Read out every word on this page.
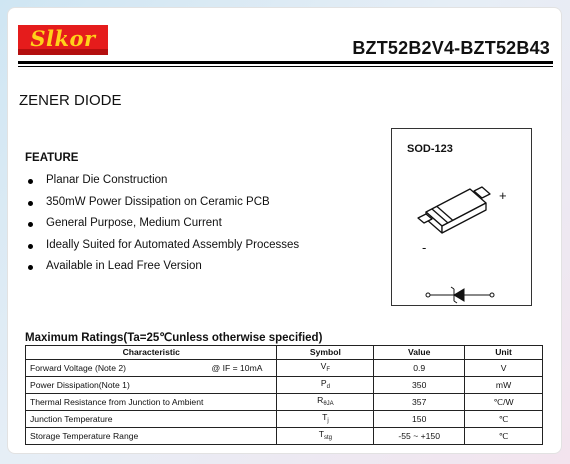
Slkor	BZT52B2V4-BZT52B43
ZENER DIODE
FEATURE
Planar Die Construction
350mW Power Dissipation on Ceramic PCB
General Purpose, Medium Current
Ideally Suited for Automated Assembly Processes
Available in Lead Free Version
SOD-123
+
-
Maximum Ratings(Ta=25℃unless otherwise specified)
Characteristic	Symbol	Value	Unit
Forward Voltage (Note 2) @ IF = 10mA	$V_F$	0.9	V
Power Dissipation(Note 1)	$P_d$	350	mW
Thermal Resistance from Junction to Ambient	$R_{\theta JA}$	357	℃/W
Junction Temperature	$T_j$	150	℃
Storage Temperature Range	$T_{stg}$	-55 ~ +150	℃
